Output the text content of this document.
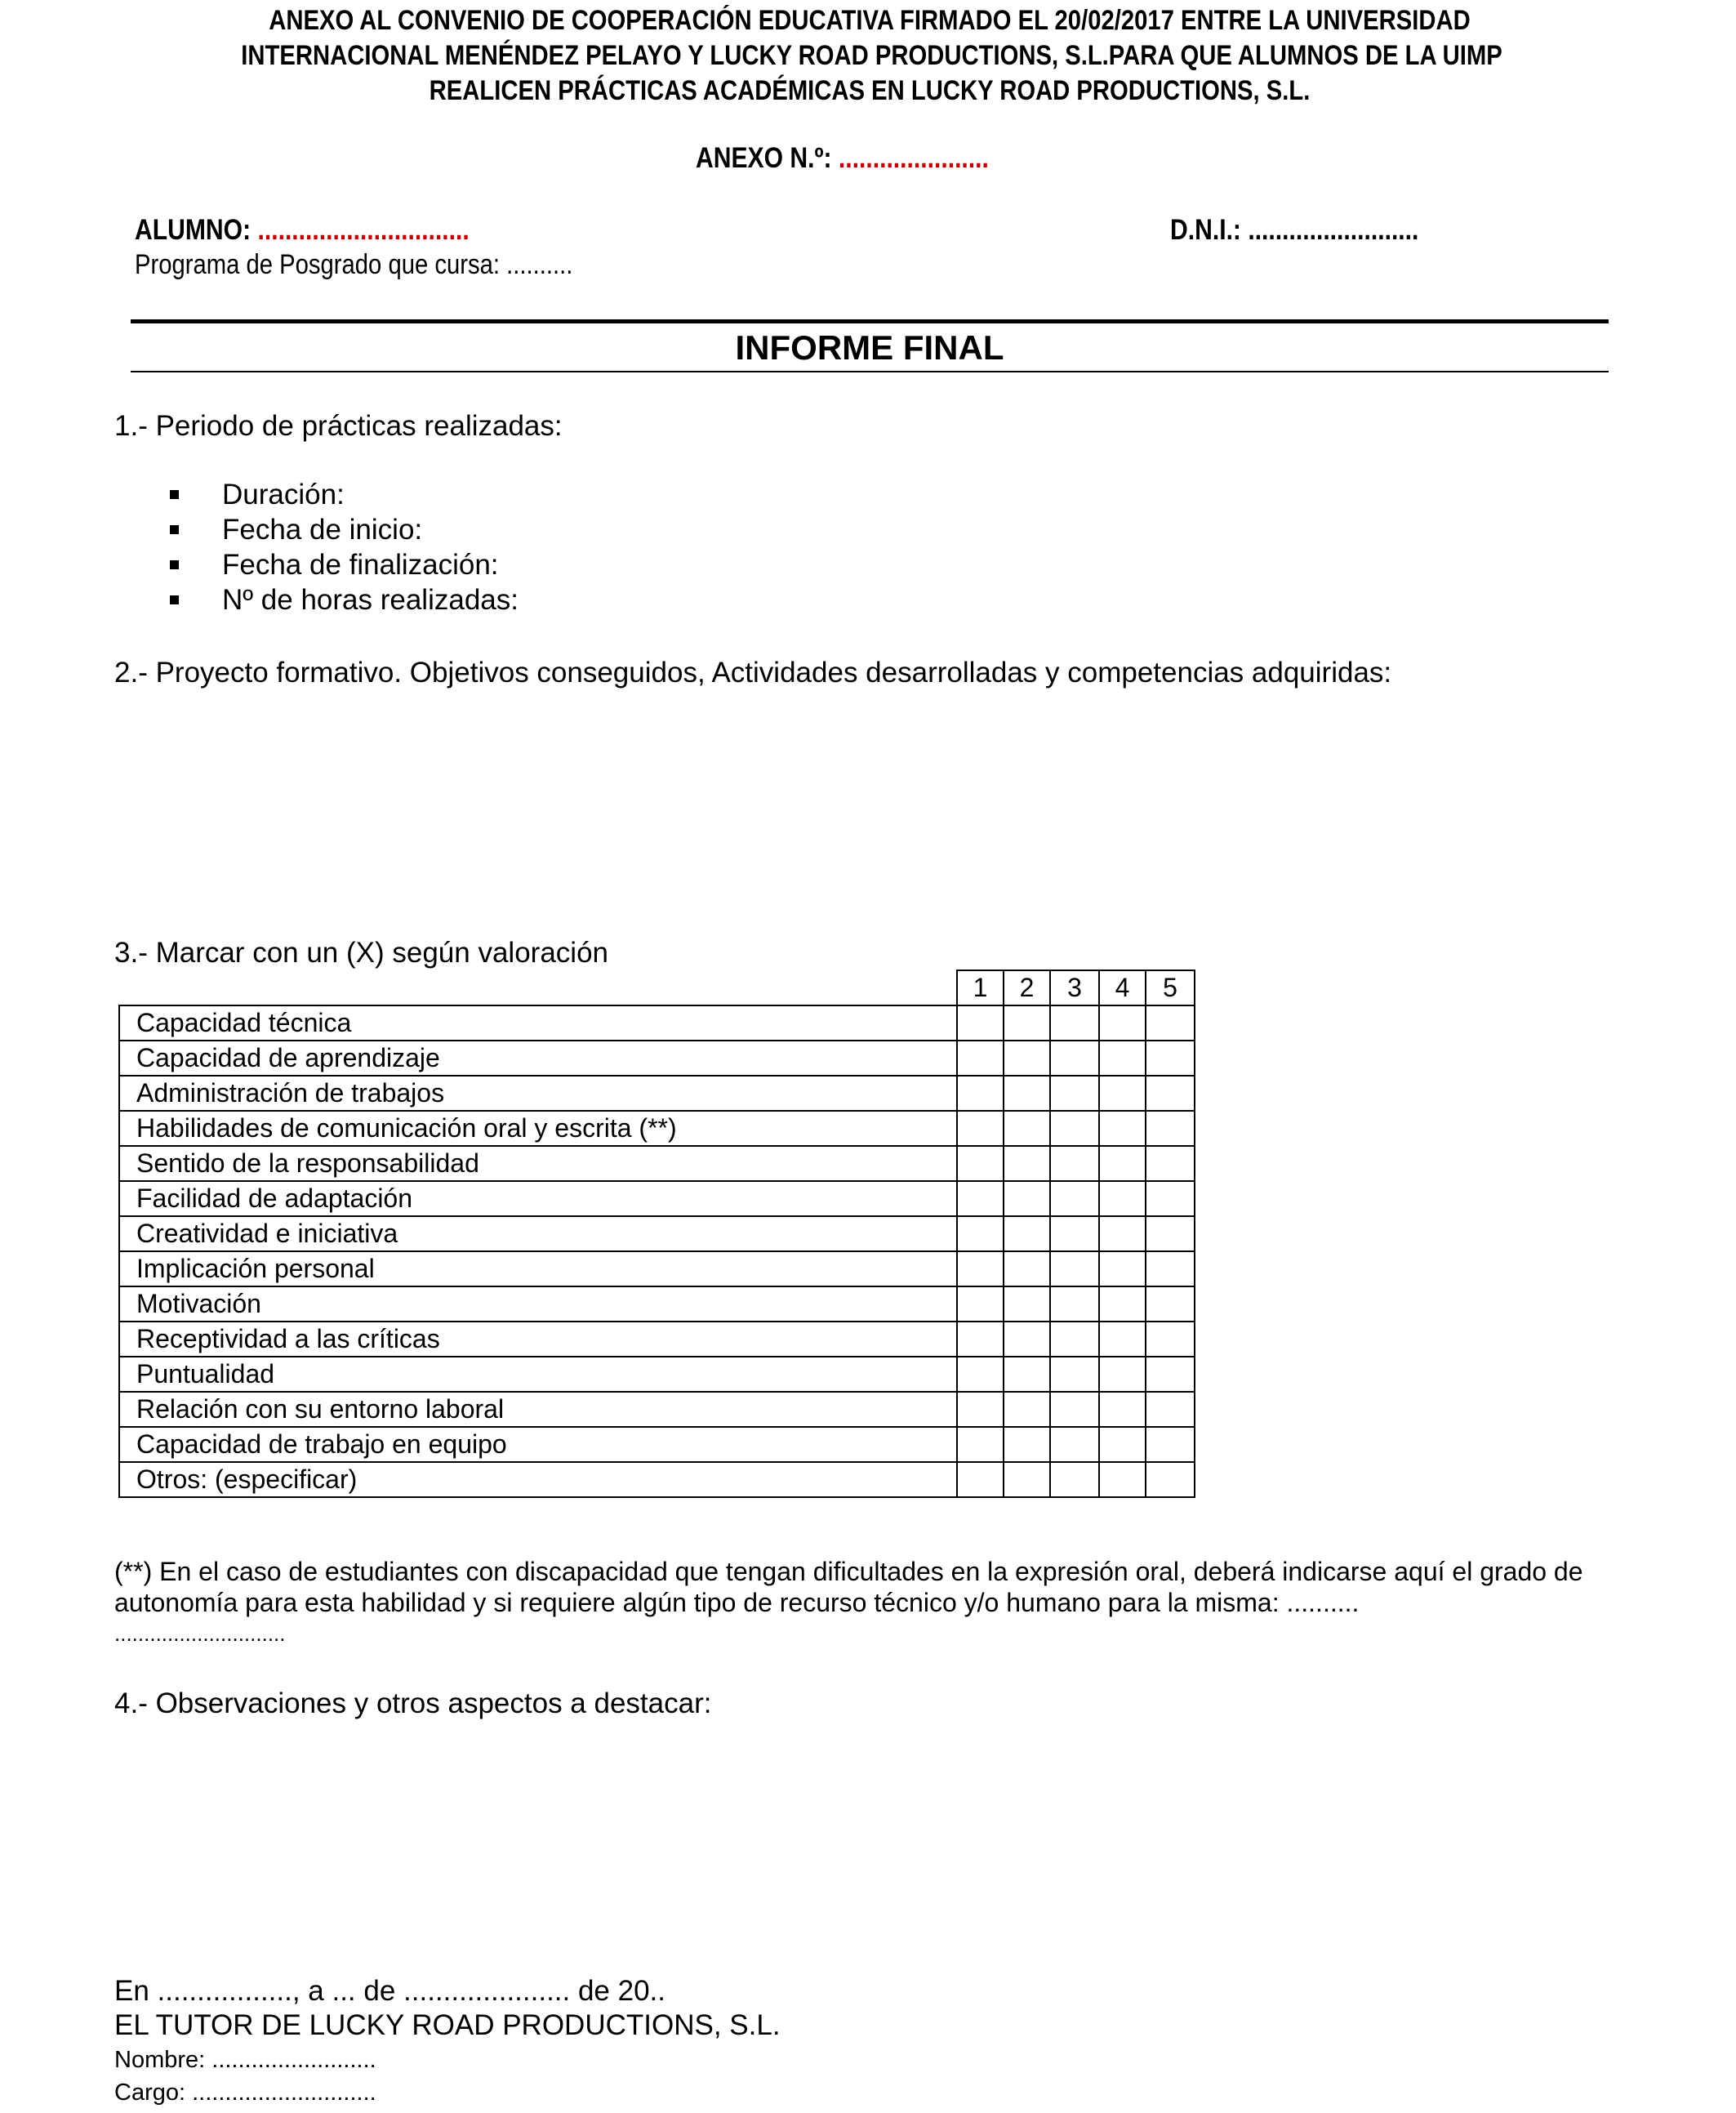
ANEXO AL CONVENIO DE COOPERACIÓN EDUCATIVA FIRMADO EL 20/02/2017 ENTRE LA UNIVERSIDAD
INTERNACIONAL MENÉNDEZ PELAYO Y LUCKY ROAD PRODUCTIONS, S.L.PARA QUE ALUMNOS DE LA UIMP
REALICEN PRÁCTICAS ACADÉMICAS EN LUCKY ROAD PRODUCTIONS, S.L.
ANEXO N.º: ......................
ALUMNO: ...............................	D.N.I.: .........................
Programa de Posgrado que cursa: ..........
INFORME FINAL
1.- Periodo de prácticas realizadas:
Duración:
Fecha de inicio:
Fecha de finalización:
Nº de horas realizadas:
2.- Proyecto formativo. Objetivos conseguidos, Actividades desarrolladas y competencias adquiridas:
3.- Marcar con un (X) según valoración
	1	2	3	4	5
Capacidad técnica					
Capacidad de aprendizaje					
Administración de trabajos					
Habilidades de comunicación oral y escrita (**)					
Sentido de la responsabilidad					
Facilidad de adaptación					
Creatividad e iniciativa					
Implicación personal					
Motivación					
Receptividad a las críticas					
Puntualidad					
Relación con su entorno laboral					
Capacidad de trabajo en equipo					
Otros: (especificar)					
(**) En el caso de estudiantes con discapacidad que tengan dificultades en la expresión oral, deberá indicarse aquí el grado de autonomía para esta habilidad y si requiere algún tipo de recurso técnico y/o humano para la misma: ..........
.............................
4.- Observaciones y otros aspectos a destacar:
En ................., a ... de ..................... de 20..
EL TUTOR DE LUCKY ROAD PRODUCTIONS, S.L.
Nombre: .........................
Cargo: ............................
